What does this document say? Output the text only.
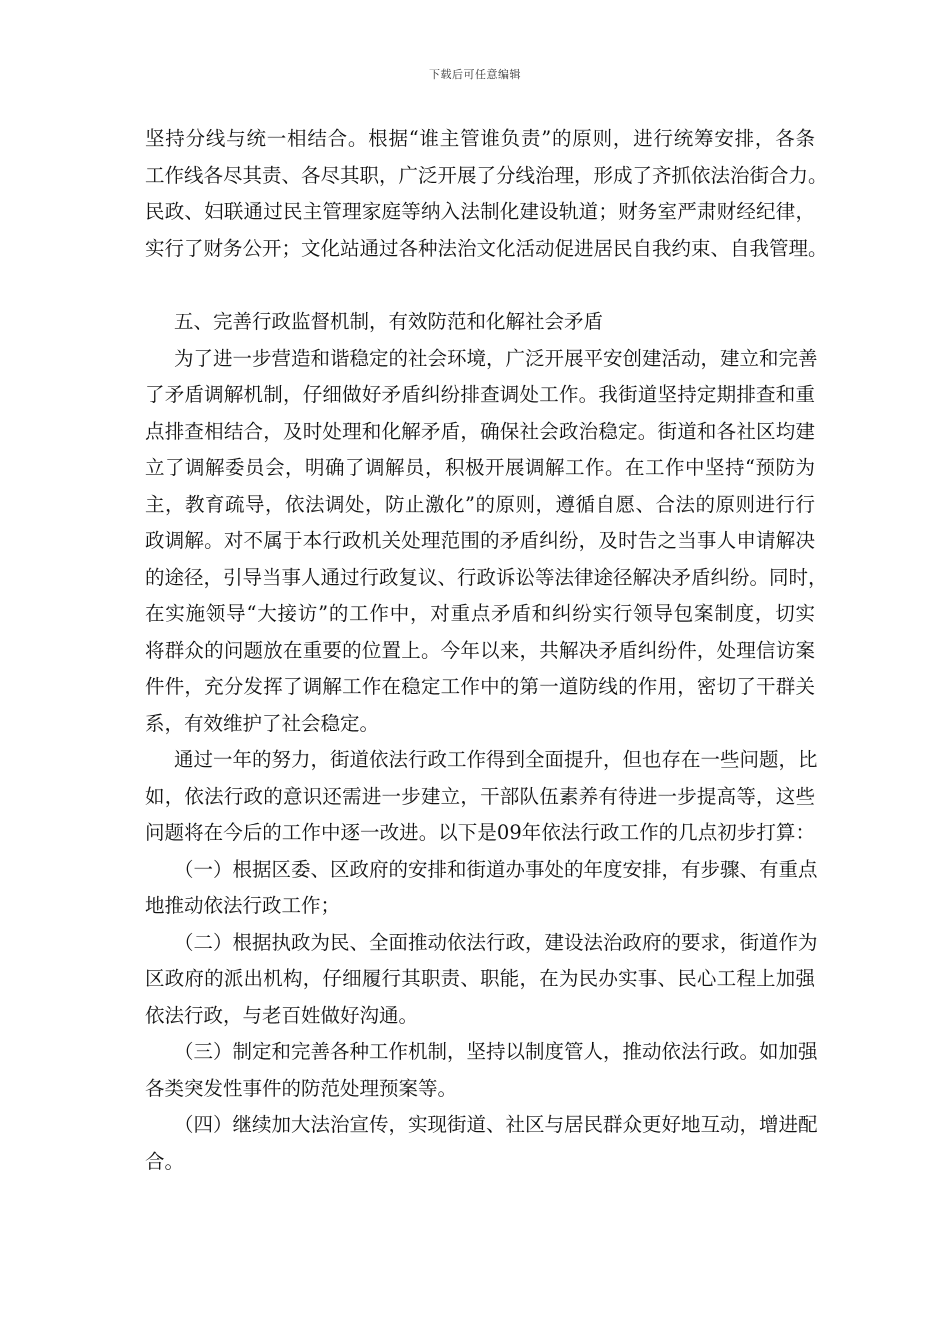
下载后可任意编辑
坚持分线与统一相结合。根据“谁主管谁负责”的原则，进行统筹安排，各条
工作线各尽其责、各尽其职，广泛开展了分线治理，形成了齐抓依法治街合力。
民政、妇联通过民主管理家庭等纳入法制化建设轨道；财务室严肃财经纪律，
实行了财务公开；文化站通过各种法治文化活动促进居民自我约束、自我管理。
五、完善行政监督机制，有效防范和化解社会矛盾
为了进一步营造和谐稳定的社会环境，广泛开展平安创建活动，建立和完善
了矛盾调解机制，仔细做好矛盾纠纷排查调处工作。我街道坚持定期排查和重
点排查相结合，及时处理和化解矛盾，确保社会政治稳定。街道和各社区均建
立了调解委员会，明确了调解员，积极开展调解工作。在工作中坚持“预防为
主，教育疏导，依法调处，防止激化”的原则，遵循自愿、合法的原则进行行
政调解。对不属于本行政机关处理范围的矛盾纠纷，及时告之当事人申请解决
的途径，引导当事人通过行政复议、行政诉讼等法律途径解决矛盾纠纷。同时，
在实施领导“大接访”的工作中，对重点矛盾和纠纷实行领导包案制度，切实
将群众的问题放在重要的位置上。今年以来，共解决矛盾纠纷件，处理信访案
件件，充分发挥了调解工作在稳定工作中的第一道防线的作用，密切了干群关
系，有效维护了社会稳定。
通过一年的努力，街道依法行政工作得到全面提升，但也存在一些问题，比
如，依法行政的意识还需进一步建立，干部队伍素养有待进一步提高等，这些
问题将在今后的工作中逐一改进。以下是09年依法行政工作的几点初步打算：
（一）根据区委、区政府的安排和街道办事处的年度安排，有步骤、有重点
地推动依法行政工作；
（二）根据执政为民、全面推动依法行政，建设法治政府的要求，街道作为
区政府的派出机构，仔细履行其职责、职能，在为民办实事、民心工程上加强
依法行政，与老百姓做好沟通。
（三）制定和完善各种工作机制，坚持以制度管人，推动依法行政。如加强
各类突发性事件的防范处理预案等。
（四）继续加大法治宣传，实现街道、社区与居民群众更好地互动，增进配
合。
